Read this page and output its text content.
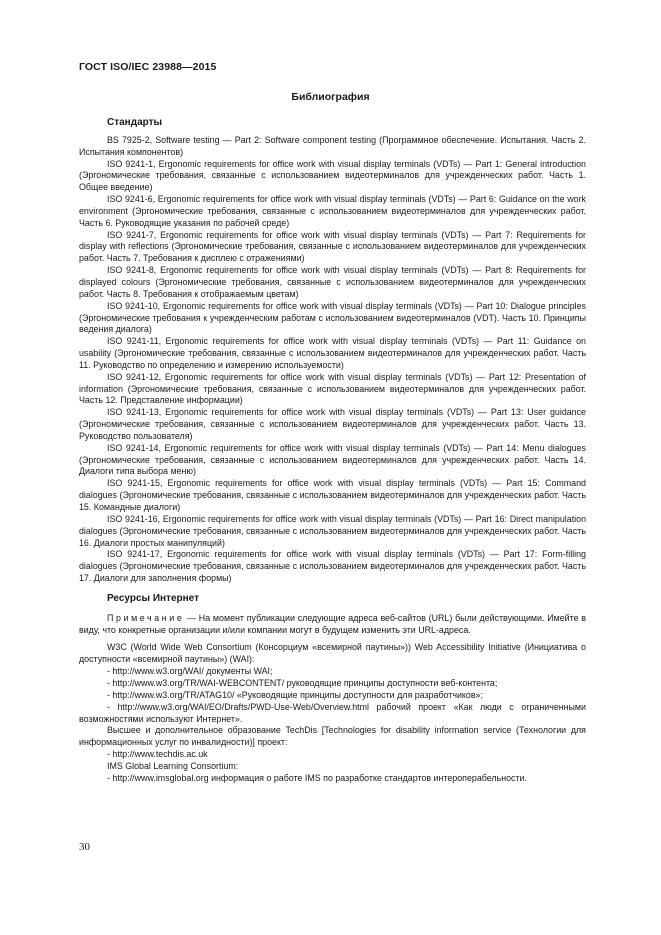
ГОСТ ISO/IEC 23988—2015
Библиография
Стандарты

BS 7925-2, Software testing — Part 2: Software component testing (Программное обеспечение. Испытания. Часть 2. Испытания компонентов)

ISO 9241-1, Ergonomic requirements for office work with visual display terminals (VDTs) — Part 1: General introduction (Эргономические требования, связанные с использованием видеотерминалов для учрежденческих работ. Часть 1. Общее введение)

ISO 9241-6, Ergonomic requirements for office work with visual display terminals (VDTs) — Part 6: Guidance on the work environment (Эргономические требования, связанные с использованием видеотерминалов для учрежденческих работ. Часть 6. Руководящие указания по рабочей среде)

ISO 9241-7, Ergonomic requirements for office work with visual display terminals (VDTs) — Part 7: Requirements for display with reflections (Эргономические требования, связанные с использованием видеотерминалов для учрежденческих работ. Часть 7. Требования к дисплею с отражениями)

ISO 9241-8, Ergonomic requirements for office work with visual display terminals (VDTs) — Part 8: Requirements for displayed colours (Эргономические требования, связанные с использованием видеотерминалов для учрежденческих работ. Часть 8. Требования к отображаемым цветам)

ISO 9241-10, Ergonomic requirements for office work with visual display terminals (VDTs) — Part 10: Dialogue principles (Эргономические требования к учрежденческим работам с использованием видеотерминалов (VDT). Часть 10. Принципы ведения диалога)

ISO 9241-11, Ergonomic requirements for office work with visual display terminals (VDTs) — Part 11: Guidance on usability (Эргономические требования, связанные с использованием видеотерминалов для учрежденческих работ. Часть 11. Руководство по определению и измерению используемости)

ISO 9241-12, Ergonomic requirements for office work with visual display terminals (VDTs) — Part 12: Presentation of information (Эргономические требования, связанные с использованием видеотерминалов для учрежденческих работ. Часть 12. Представление информации)

ISO 9241-13, Ergonomic requirements for office work with visual display terminals (VDTs) — Part 13: User guidance (Эргономические требования, связанные с использованием видеотерминалов для учрежденческих работ. Часть 13. Руководство пользователя)

ISO 9241-14, Ergonomic requirements for office work with visual display terminals (VDTs) — Part 14: Menu dialogues (Эргономические требования, связанные с использованием видеотерминалов для учрежденческих работ. Часть 14. Диалоги типа выбора меню)

ISO 9241-15, Ergonomic requirements for office work with visual display terminals (VDTs) — Part 15: Command dialogues (Эргономические требования, связанные с использованием видеотерминалов для учрежденческих работ. Часть 15. Командные диалоги)

ISO 9241-16, Ergonomic requirements for office work with visual display terminals (VDTs) — Part 16: Direct manipulation dialogues (Эргономические требования, связанные с использованием видеотерминалов для учрежденческих работ. Часть 16. Диалоги простых манипуляций)

ISO 9241-17, Ergonomic requirements for office work with visual display terminals (VDTs) — Part 17: Form-filling dialogues (Эргономические требования, связанные с использованием видеотерминалов для учрежденческих работ. Часть 17. Диалоги для заполнения формы)

Ресурсы Интернет

Примечание — На момент публикации следующие адреса веб-сайтов (URL) были действующими. Имейте в виду, что конкретные организации и/или компании могут в будущем изменить эти URL-адреса.

W3C (World Wide Web Consortium (Консорциум «всемирной паутины»)) Web Accessibility Initiative (Инициатива о доступности «всемирной паутины») (WAI):

- http://www.w3.org/WAI/ документы WAI;

- http://www.w3.org/TR/WAI-WEBCONTENT/ руководящие принципы доступности веб-контента;

- http://www.w3.org/TR/ATAG10/ «Руководящие принципы доступности для разработчиков»;

- http://www.w3.org/WAI/EO/Drafts/PWD-Use-Web/Overview.html рабочий проект «Как люди с ограниченными возможностями используют Интернет».

Высшее и дополнительное образование TechDis [Technologies for disability information service (Технологии для информационных услуг по инвалидности)] проект:

- http://www.techdis.ac.uk

IMS Global Learning Consortium:

- http://www.imsglobal.org информация о работе IMS по разработке стандартов интероперабельности.

30
